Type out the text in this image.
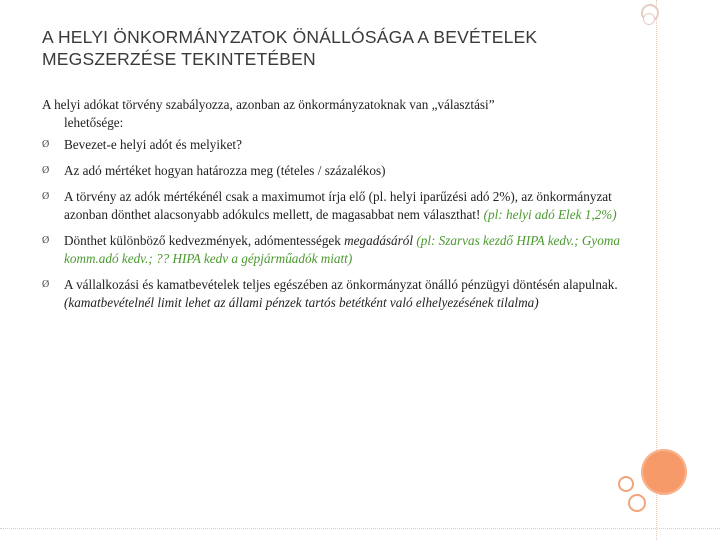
A HELYI ÖNKORMÁNYZATOK ÖNÁLLÓSÁGA A BEVÉTELEK MEGSZERZÉSE TEKINTETÉBEN
A helyi adókat törvény szabályozza, azonban az önkormányzatoknak van „választási”
lehetősége:
Ø Bevezet-e helyi adót és melyiket?
Ø Az adó mértéket hogyan határozza meg (tételes / százalékos)
Ø A törvény az adók mértékénél csak a maximumot írja elő (pl. helyi iparűzési adó 2%), az önkormányzat azonban dönthet alacsonyabb adókulcs mellett, de magasabbat nem választhat! (pl: helyi adó Elek 1,2%)
Ø Dönthet különböző kedvezmények, adómentességek megadásáról (pl: Szarvas kezdő HIPA kedv.; Gyoma komm.adó kedv.; ?? HIPA kedv a gépjárműadók miatt)
Ø A vállalkozási és kamatbevételek teljes egészében az önkormányzat önálló pénzügyi döntésén alapulnak. (kamatbevételnél limit lehet az állami pénzek tartós betétként való elhelyezésének tilalma)
